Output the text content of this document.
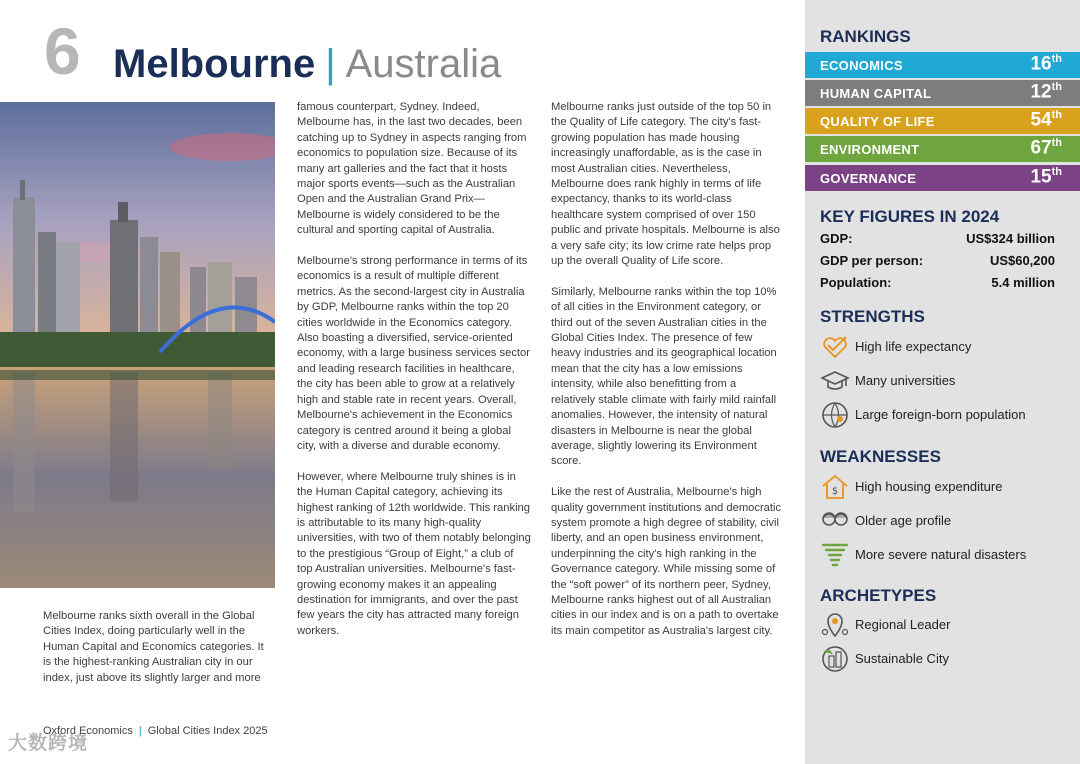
6 Melbourne | Australia

Melbourne ranks sixth overall in the Global Cities Index, doing particularly well in the Human Capital and Economics categories. It is the highest-ranking Australian city in our index, just above its slightly larger and more

famous counterpart, Sydney. Indeed, Melbourne has, in the last two decades, been catching up to Sydney in aspects ranging from economics to population size. Because of its many art galleries and the fact that it hosts major sports events—such as the Australian Open and the Australian Grand Prix—Melbourne is widely considered to be the cultural and sporting capital of Australia.

Melbourne's strong performance in terms of its economics is a result of multiple different metrics. As the second-largest city in Australia by GDP, Melbourne ranks within the top 20 cities worldwide in the Economics category. Also boasting a diversified, service-oriented economy, with a large business services sector and leading research facilities in healthcare, the city has been able to grow at a relatively high and stable rate in recent years. Overall, Melbourne's achievement in the Economics category is centred around it being a global city, with a diverse and durable economy.

However, where Melbourne truly shines is in the Human Capital category, achieving its highest ranking of 12th worldwide. This ranking is attributable to its many high-quality universities, with two of them notably belonging to the prestigious “Group of Eight,” a club of top Australian universities. Melbourne's fast-growing economy makes it an appealing destination for immigrants, and over the past few years the city has attracted many foreign workers.

Melbourne ranks just outside of the top 50 in the Quality of Life category. The city's fast-growing population has made housing increasingly unaffordable, as is the case in most Australian cities. Nevertheless, Melbourne does rank highly in terms of life expectancy, thanks to its world-class healthcare system comprised of over 150 public and private hospitals. Melbourne is also a very safe city; its low crime rate helps prop up the overall Quality of Life score.

Similarly, Melbourne ranks within the top 10% of all cities in the Environment category, or third out of the seven Australian cities in the Global Cities Index. The presence of few heavy industries and its geographical location mean that the city has a low emissions intensity, while also benefitting from a relatively stable climate with fairly mild rainfall anomalies. However, the intensity of natural disasters in Melbourne is near the global average, slightly lowering its Environment score.

Like the rest of Australia, Melbourne's high quality government institutions and democratic system promote a high degree of stability, civil liberty, and an open business environment, underpinning the city's high ranking in the Governance category. While missing some of the “soft power” of its northern peer, Sydney, Melbourne ranks highest out of all Australian cities in our index and is on a path to overtake its main competitor as Australia's largest city.

Oxford Economics | Global Cities Index 2025
大数跨境
RANKINGS
ECONOMICS	16th
HUMAN CAPITAL	12th
QUALITY OF LIFE	54th
ENVIRONMENT	67th
GOVERNANCE	15th
KEY FIGURES IN 2024
GDP:	US$324 billion
GDP per person:	US$60,200
Population:	5.4 million
STRENGTHS
High life expectancy
Many universities
Large foreign-born population
WEAKNESSES
$ High housing expenditure
Older age profile
More severe natural disasters
ARCHETYPES
Regional Leader
Sustainable City
